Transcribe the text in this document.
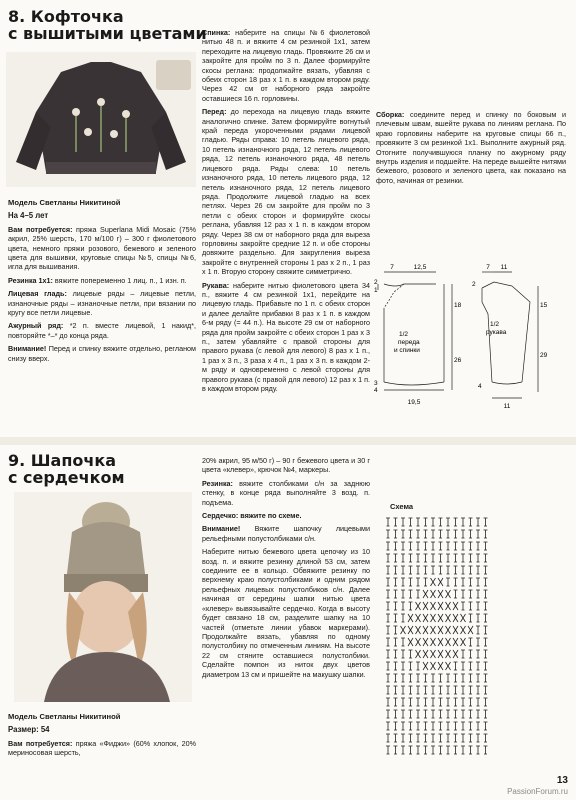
8. Кофточка
с вышитыми цветами

Модель Светланы Никитиной

На 4–5 лет

Вам потребуется: пряжа Superlana Midi Mosaic (75% акрил, 25% шерсть, 170 м/100 г) – 300 г фиолетового цвета, немного пряжи розового, бежевого и зеленого цвета для вышивки, круговые спицы №5, спицы №6, игла для вышивания.

Резинка 1x1: вяжите попеременно 1 лиц. п., 1 изн. п.

Лицевая гладь: лицевые ряды – лицевые петли, изнаночные ряды – изнаночные петли, при вязании по кругу все петли лицевые.

Ажурный ряд: *2 п. вместе лицевой, 1 накид*, повторяйте *–* до конца ряда.

Внимание! Перед и спинку вяжите отдельно, регланом снизу вверх.

Спинка: наберите на спицы №6 фиолетовой нитью 48 п. и вяжите 4 см резинкой 1x1, затем переходите на лицевую гладь. Провяжите 26 см и закройте для пройм по 3 п. Далее формируйте скосы реглана: продолжайте вязать, убавляя с обеих сторон 18 раз x 1 п. в каждом втором ряду. Через 42 см от наборного ряда закройте оставшиеся 16 п. горловины.

Перед: до перехода на лицевую гладь вяжите аналогично спинке. Затем формируйте вогнутый край переда укороченными рядами лицевой гладью. Ряды справа: 10 петель лицевого ряда, 10 петель изнаночного ряда, 12 петель лицевого ряда, 12 петель изнаночного ряда, 48 петель лицевого ряда. Ряды слева: 10 петель изнаночного ряда, 10 петель лицевого ряда, 12 петель изнаночного ряда, 12 петель лицевого ряда. Продолжите лицевой гладью на всех петлях. Через 26 см закройте для пройм по 3 петли с обеих сторон и формируйте скосы реглана, убавляя 12 раз x 1 п. в каждом втором ряду. Через 38 см от наборного ряда для выреза горловины закройте средние 12 п. и обе стороны довяжите раздельно. Для закругления выреза закройте с внутренней стороны 1 раз x 2 п., 1 раз x 1 п. Вторую сторону свяжите симметрично.

Рукава: наберите нитью фиолетового цвета 34 п., вяжите 4 см резинкой 1x1, перейдите на лицевую гладь. Прибавьте по 1 п. с обеих сторон и далее делайте прибавки 8 раз x 1 п. в каждом 6-м ряду (= 44 п.). На высоте 29 см от наборного ряда для пройм закройте с обеих сторон 1 раз x 3 п., затем убавляйте с правой стороны для правого рукава (с левой для левого) 8 раз x 1 п., 1 раз x 3 п., 3 раза x 4 п., 1 раз x 3 п. в каждом 2-м ряду и одновременно с левой стороны для правого рукава (с правой для левого) 12 раз x 1 п. в каждом втором ряду.

Сборка: соедините перед и спинку по боковым и плечевым швам, вшейте рукава по линиям реглана. По краю горловины наберите на круговые спицы 66 п., провяжите 3 см резинкой 1x1. Выполните ажурный ряд. Отогните получившуюся планку по ажурному ряду внутрь изделия и подшейте. На переде вышейте нитями бежевого, розового и зеленого цвета, как показано на фото, начиная от резинки.

7	12,5
2
1
18
1/2
переда
и спинки
26
3
4
19,5
7 11
2
15
1/2
рукава
29
4
11
9. Шапочка
с сердечком

Модель Светланы Никитиной

Размер: 54

Вам потребуется: пряжа «Фиджи» (60% хлопок, 20% мериносовая шерсть,

20% акрил, 95 м/50 г) – 90 г бежевого цвета и 30 г цвета «клевер», крючок №4, маркеры.

Резинка: вяжите столбиками с/н за заднюю стенку, в конце ряда выполняйте 3 возд. п. подъема.

Сердечко: вяжите по схеме.

Внимание! Вяжите шапочку лицевыми рельефными полустолбиками с/н.

Наберите нитью бежевого цвета цепочку из 10 возд. п. и вяжите резинку длиной 53 см, затем соедините ее в кольцо. Обвяжите резинку по верхнему краю полустолбиками и одним рядом рельефных лицевых полустолбиков с/н. Далее начиная от середины шапки нитью цвета «клевер» вывязывайте сердечко. Когда в высоту будет связано 18 см, разделите шапку на 10 частей (отметьте линии убавок маркерами). Продолжайте вязать, убавляя по одному полустолбику по отмеченным линиям. На высоте 22 см стяните оставшиеся полустолбики. Сделайте помпон из ниток двух цветов диаметром 13 см и пришейте на макушку шапки.

Схема
13
PassionForum.ru
